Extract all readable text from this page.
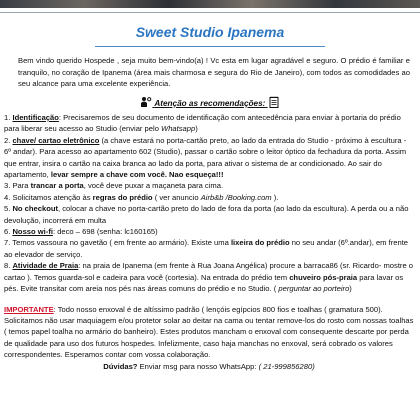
Sweet Studio Ipanema
Bem vindo querido Hospede , seja muito bem-vindo(a) ! Vc esta em lugar agradável e seguro. O prédio é familiar e tranquilo, no coração de Ipanema (área mais charmosa e segura do Rio de Janeiro), com todos as comodidades ao seu alcance para uma excelente experiência.
Atenção as recomendações:

1. Identificação: Precisaremos de seu documento de identificação com antecedência para enviar à portaria do prédio para liberar seu acesso ao Studio (enviar pelo Whatsapp)

2. chave/ cartao eletrônico (a chave estará no porta-cartão preto, ao lado da entrada do Studio - próximo à escultura - 6º andar). Para acesso ao apartamento 602 (Studio), passar o cartão sobre o leitor óptico da fechadura da porta. Assim que entrar, insira o cartão na caixa branca ao lado da porta, para ativar o sistema de ar condicionado. Ao sair do apartamento, levar sempre a chave com você. Nao esqueça!!!

3. Para trancar a porta, você deve puxar a maçaneta para cima.

4. Solicitamos atenção às regras do prédio ( ver anuncio Airb&b /Booking.com ).

5. No checkout, colocar a chave no porta-cartão preto do lado de fora da porta (ao lado da escultura). A perda ou a não devolução, incorrerá em multa

6. Nosso wi-fi: deco – 698 (senha: lc160165)

7. Temos vassoura no gavetão ( em frente ao armário). Existe uma lixeira do prédio no seu andar (6º.andar), em frente ao elevador de serviço.

8. Atividade de Praia: na praia de Ipanema (em frente à Rua Joana Angélica) procure a barraca86 (sr. Ricardo- mostre o cartao ). Temos guarda-sol e cadeira para você (cortesia). Na entrada do prédio tem chuveiro pós-praia para lavar os pés. Evite transitar com areia nos pés nas áreas comuns do prédio e no Studio. ( perguntar ao porteiro)

IMPORTANTE: Todo nosso enxoval é de altíssimo padrão ( lençóis egípcios 800 fios e toalhas ( gramatura 500). Solicitamos não usar maquiagem e/ou protetor solar ao deitar na cama ou tentar remove-los do rosto com nossas toalhas ( temos papel toalha no armário do banheiro). Estes produtos mancham o enxoval com consequente descarte por perda de qualidade para uso dos futuros hospedes. Infelizmente, caso haja manchas no enxoval, será cobrado os valores correspondentes. Esperamos contar com vossa colaboração.

Dúvidas? Enviar msg para nosso WhatsApp: ( 21-999856280)
